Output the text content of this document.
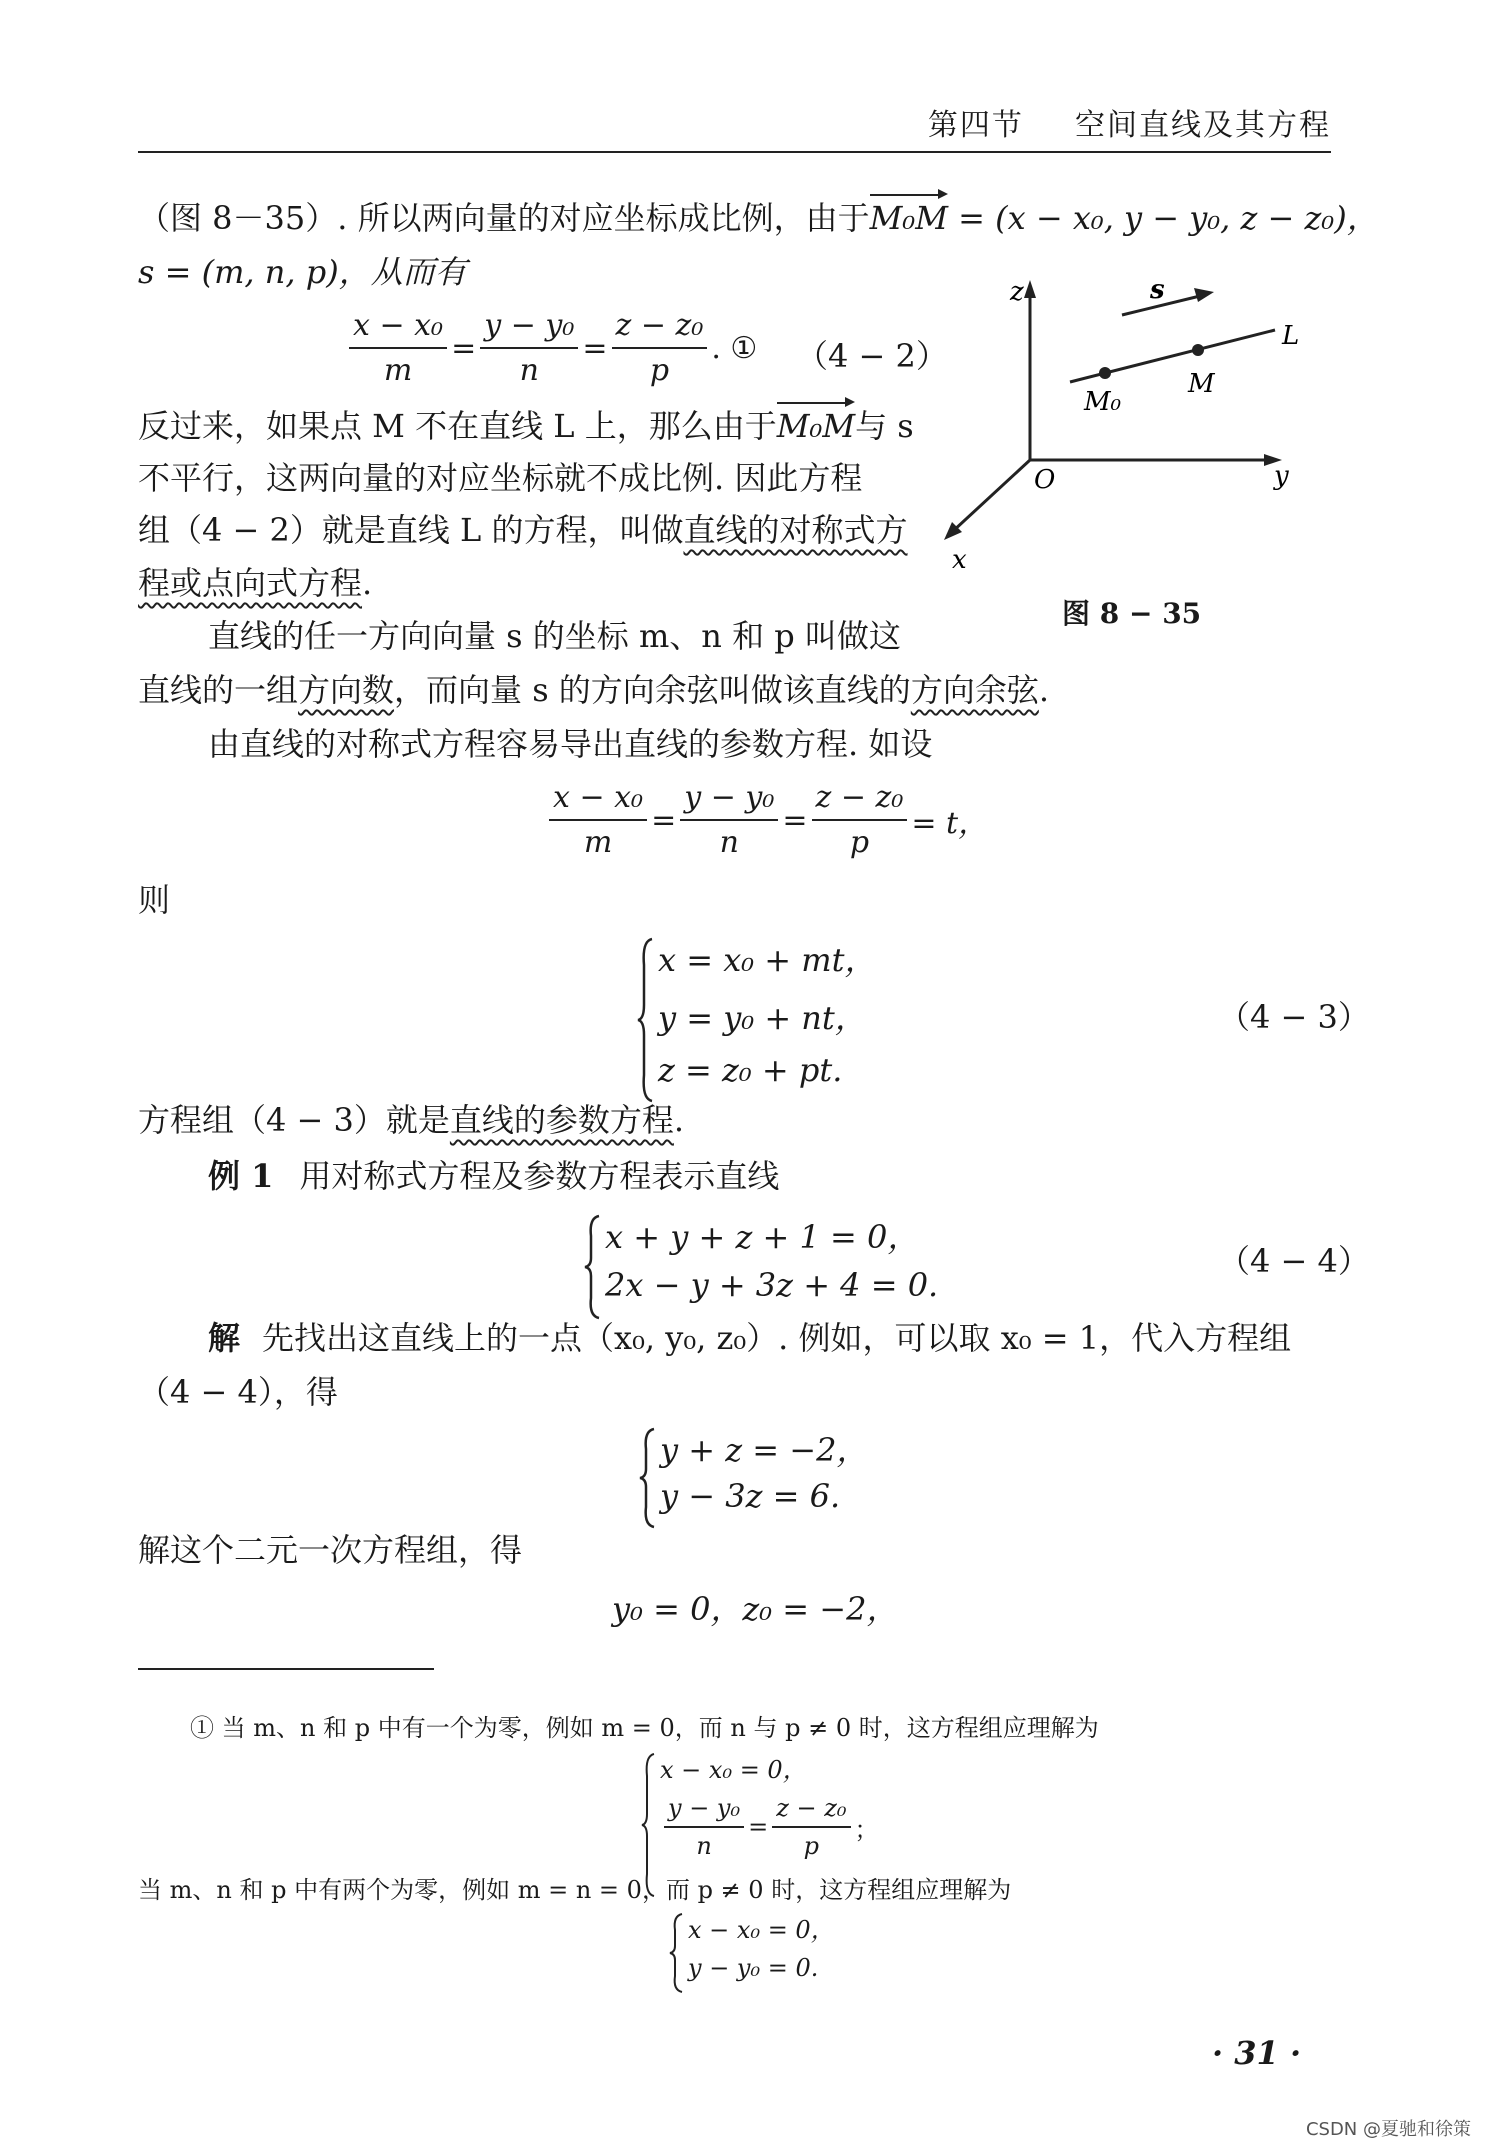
第四节 空间直线及其方程
（图 8－35）. 所以两向量的对应坐标成比例，由于M₀M = (x − x₀, y − y₀, z − z₀)，
s = (m, n, p)，从而有
$\frac{\text{x − x₀}}{m} = \frac{\text{y − y₀}}{n} = \frac{\text{z − z₀}}{p}$ . ① （4 − 2）
反过来，如果点 M 不在直线 L 上，那么由于M₀M与 s
不平行，这两向量的对应坐标就不成比例. 因此方程
组（4 − 2）就是直线 L 的方程，叫做直线的对称式方
程或点向式方程.
直线的任一方向向量 s 的坐标 m、n 和 p 叫做这
直线的一组方向数，而向量 s 的方向余弦叫做该直线的方向余弦.
由直线的对称式方程容易导出直线的参数方程. 如设
$\frac{\text{x − x₀}}{m} = \frac{\text{y − y₀}}{n} = \frac{\text{z − z₀}}{p} = t$，
则
x = x₀ + mt，
y = y₀ + nt，
z = z₀ + pt.
（4 − 3）
方程组（4 − 3）就是直线的参数方程.
例 1 用对称式方程及参数方程表示直线
x + y + z + 1 = 0，
2x − y + 3z + 4 = 0.
（4 − 4）
解 先找出这直线上的一点（x₀, y₀, z₀）. 例如，可以取 x₀ = 1，代入方程组
（4 − 4），得
y + z = −2，
y − 3z = 6.
解这个二元一次方程组，得
y₀ = 0，z₀ = −2，
z
y
x
O
s
L
M
M₀
图 8 − 35
① 当 m、n 和 p 中有一个为零，例如 m = 0，而 n 与 p ≠ 0 时，这方程组应理解为
x − x₀ = 0，
$\frac{\text{y − y₀}}{n} = \frac{\text{z − z₀}}{p}$ ；
当 m、n 和 p 中有两个为零，例如 m = n = 0，而 p ≠ 0 时，这方程组应理解为
x − x₀ = 0，
y − y₀ = 0.
· 31 ·
CSDN @夏驰和徐策
